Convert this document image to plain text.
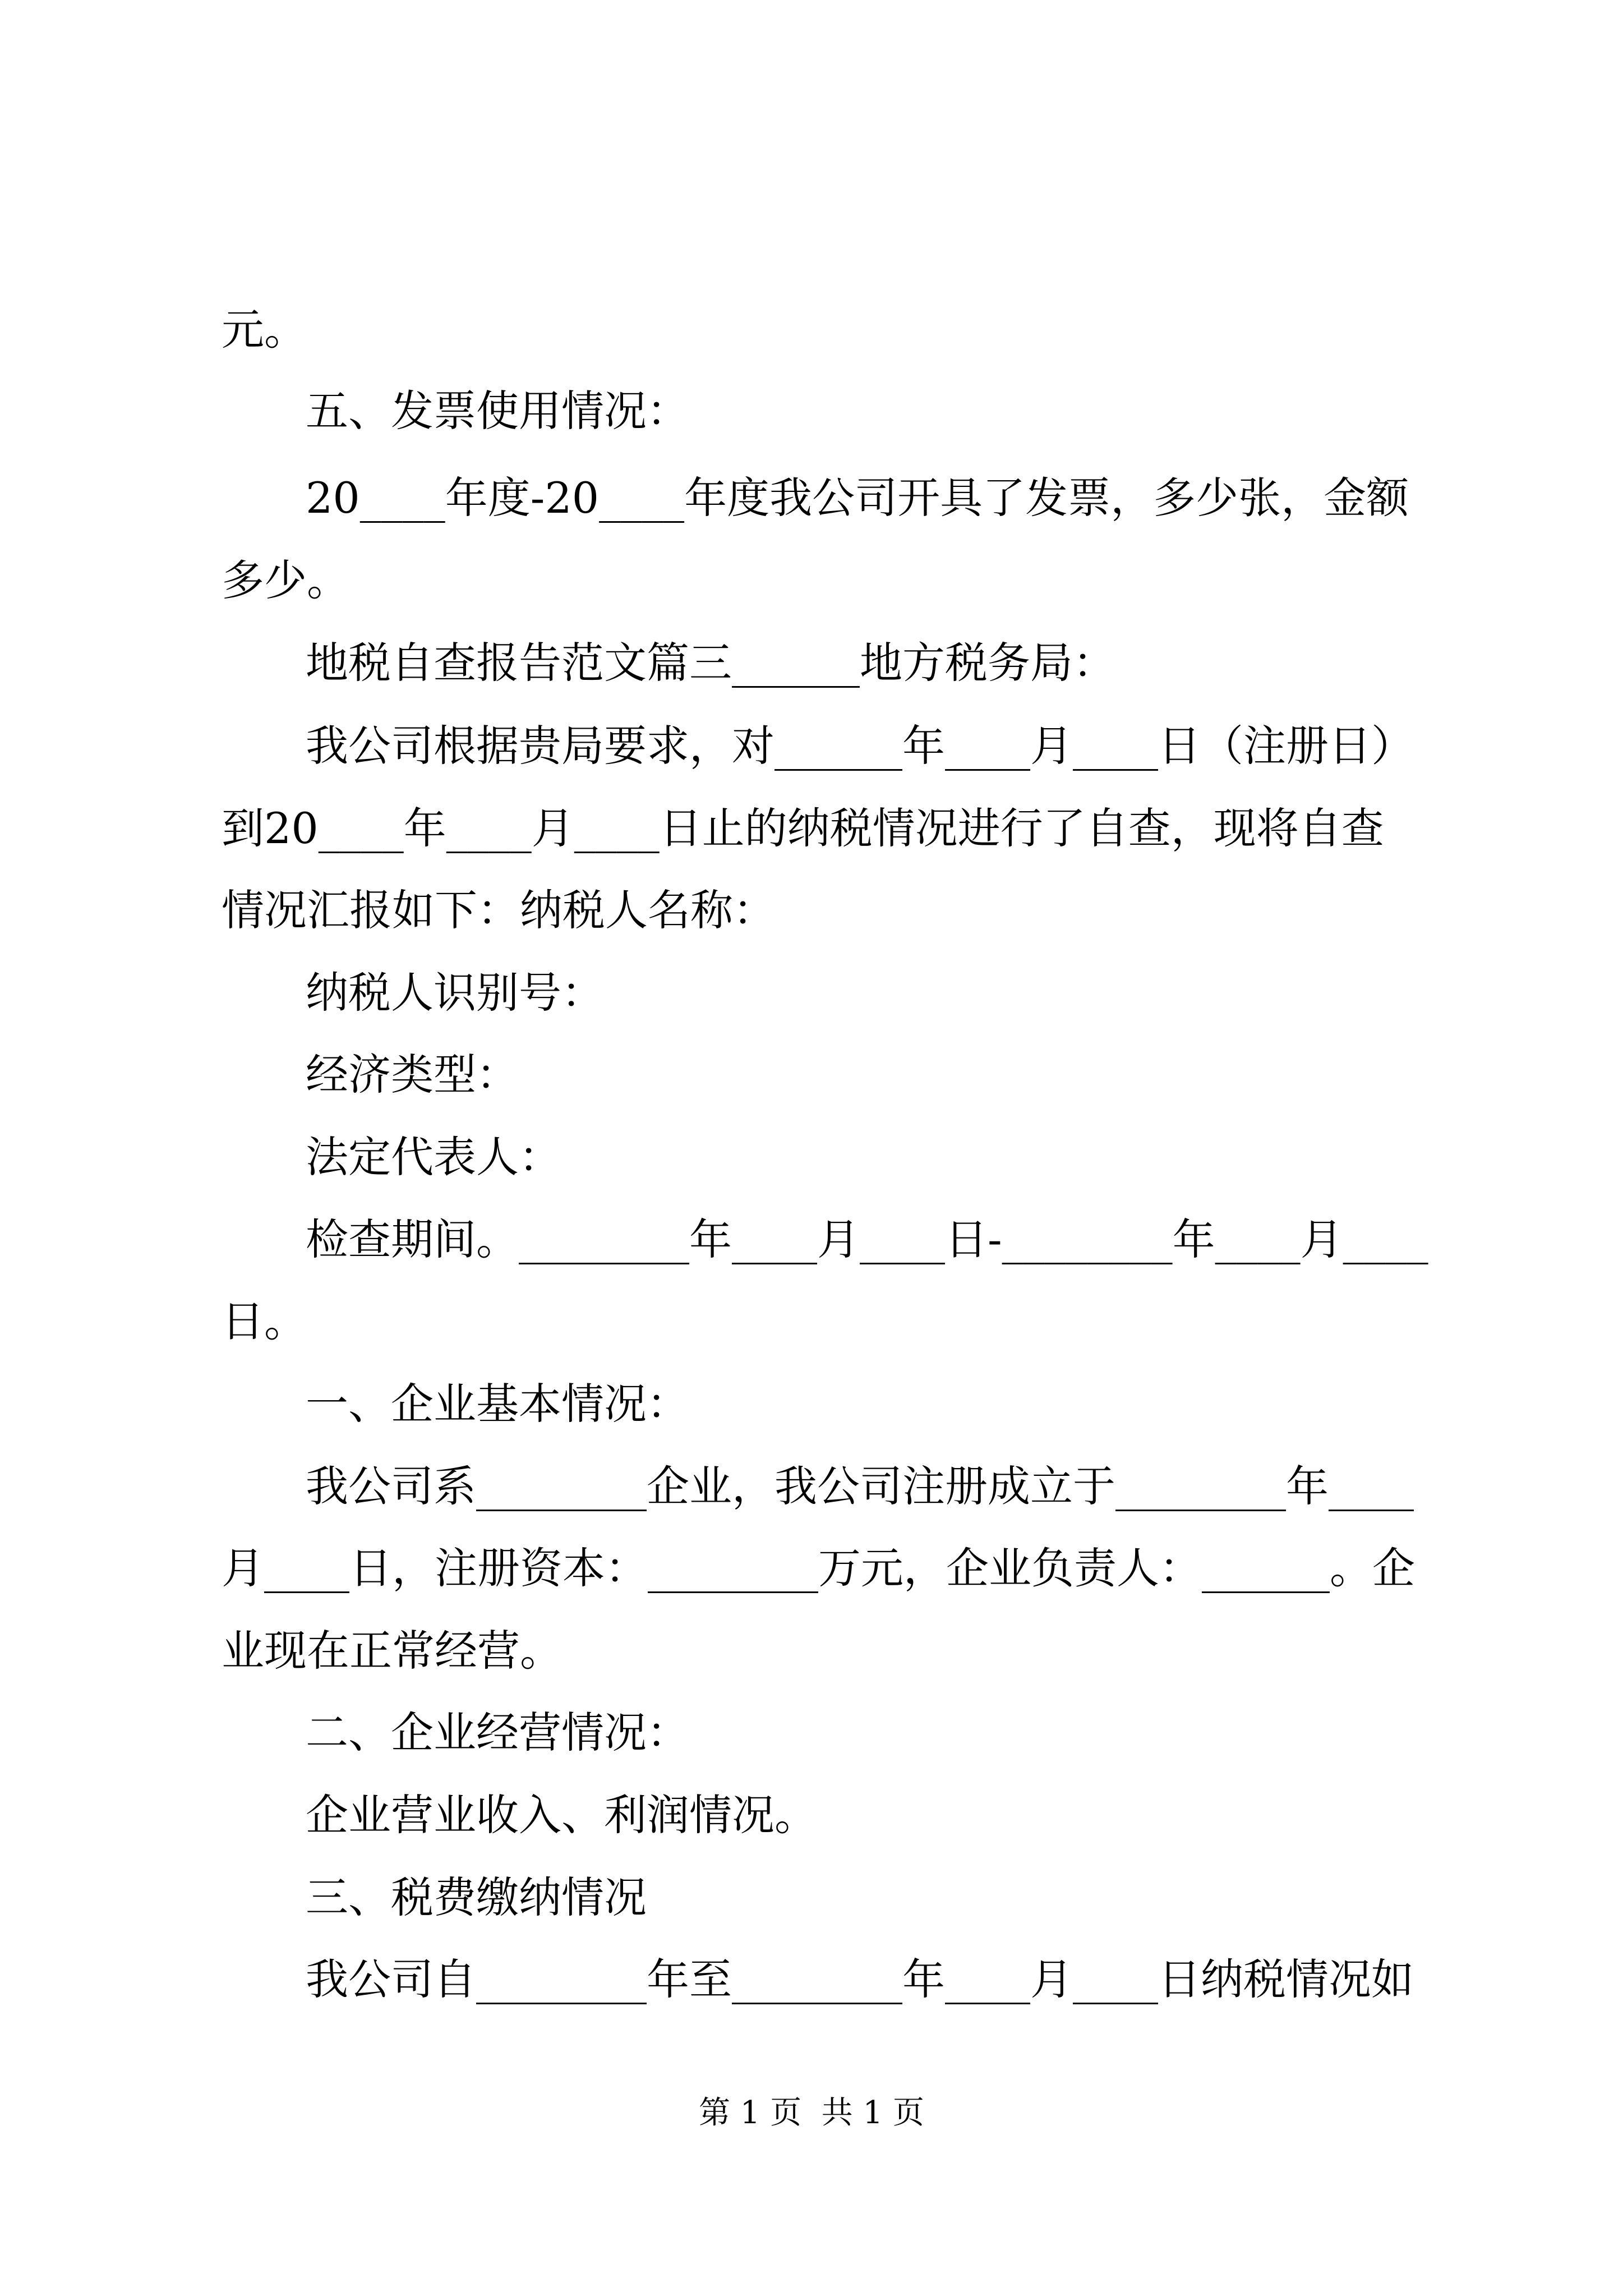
元。

五、发票使用情况：

20____年度-20____年度我公司开具了发票，多少张，金额

多少。

地税自查报告范文篇三______地方税务局：

我公司根据贵局要求，对______年____月____日（注册日）

到20____年____月____日止的纳税情况进行了自查，现将自查

情况汇报如下：纳税人名称：

纳税人识别号：

经济类型：

法定代表人：

检查期间。________年____月____日-________年____月____

日。

一、企业基本情况：

我公司系________企业，我公司注册成立于________年____

月____日，注册资本：________万元，企业负责人：______。企

业现在正常经营。

二、企业经营情况：

企业营业收入、利润情况。

三、税费缴纳情况

我公司自________年至________年____月____日纳税情况如

第 1 页  共 1 页
